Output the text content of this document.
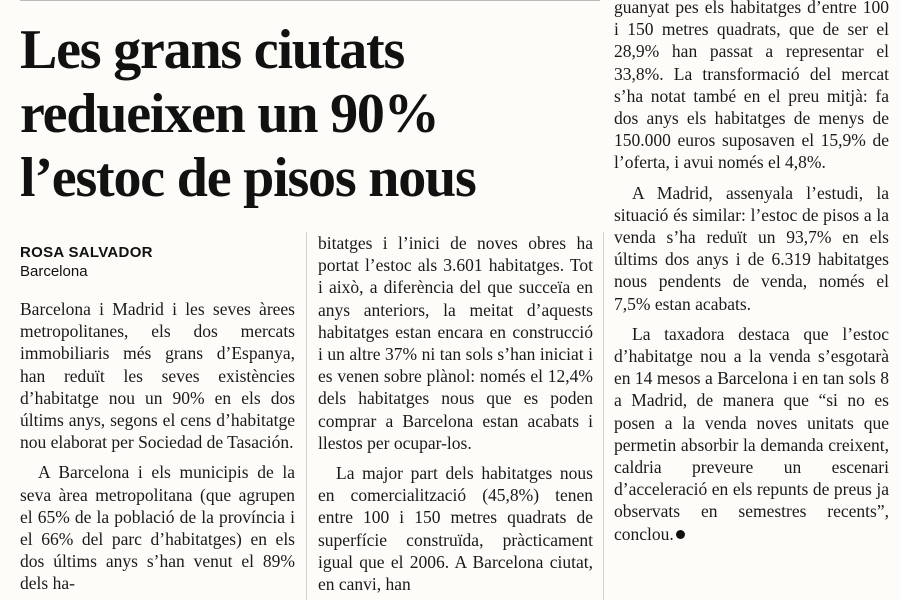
Les grans ciutats
redueixen un 90%
l’estoc de pisos nous
ROSA SALVADOR
Barcelona

Barcelona i Madrid i les seves àrees metropolitanes, els dos mercats immobiliaris més grans d’Espanya, han reduït les seves existències d’habitatge nou un 90% en els dos últims anys, segons el cens d’habitatge nou elaborat per Sociedad de Tasación.

A Barcelona i els municipis de la seva àrea metropolitana (que agrupen el 65% de la població de la província i el 66% del parc d’habitatges) en els dos últims anys s’han venut el 89% dels ha-

bitatges i l’inici de noves obres ha portat l’estoc als 3.601 habitatges. Tot i això, a diferència del que succeïa en anys anteriors, la meitat d’aquests habitatges estan encara en construcció i un altre 37% ni tan sols s’han iniciat i es venen sobre plànol: només el 12,4% dels habitatges nous que es poden comprar a Barcelona estan acabats i llestos per ocupar-los.

La major part dels habitatges nous en comercialització (45,8%) tenen entre 100 i 150 metres quadrats de superfície construïda, pràcticament igual que el 2006. A Barcelona ciutat, en canvi, han

guanyat pes els habitatges d’entre 100 i 150 metres quadrats, que de ser el 28,9% han passat a representar el 33,8%. La transformació del mercat s’ha notat també en el preu mitjà: fa dos anys els habitatges de menys de 150.000 euros suposaven el 15,9% de l’oferta, i avui només el 4,8%.

A Madrid, assenyala l’estudi, la situació és similar: l’estoc de pisos a la venda s’ha reduït un 93,7% en els últims dos anys i de 6.319 habitatges nous pendents de venda, només el 7,5% estan acabats.

La taxadora destaca que l’estoc d’habitatge nou a la venda s’esgotarà en 14 mesos a Barcelona i en tan sols 8 a Madrid, de manera que “si no es posen a la venda noves unitats que permetin absorbir la demanda creixent, caldria preveure un escenari d’acceleració en els repunts de preus ja observats en semestres recents”, conclou.
